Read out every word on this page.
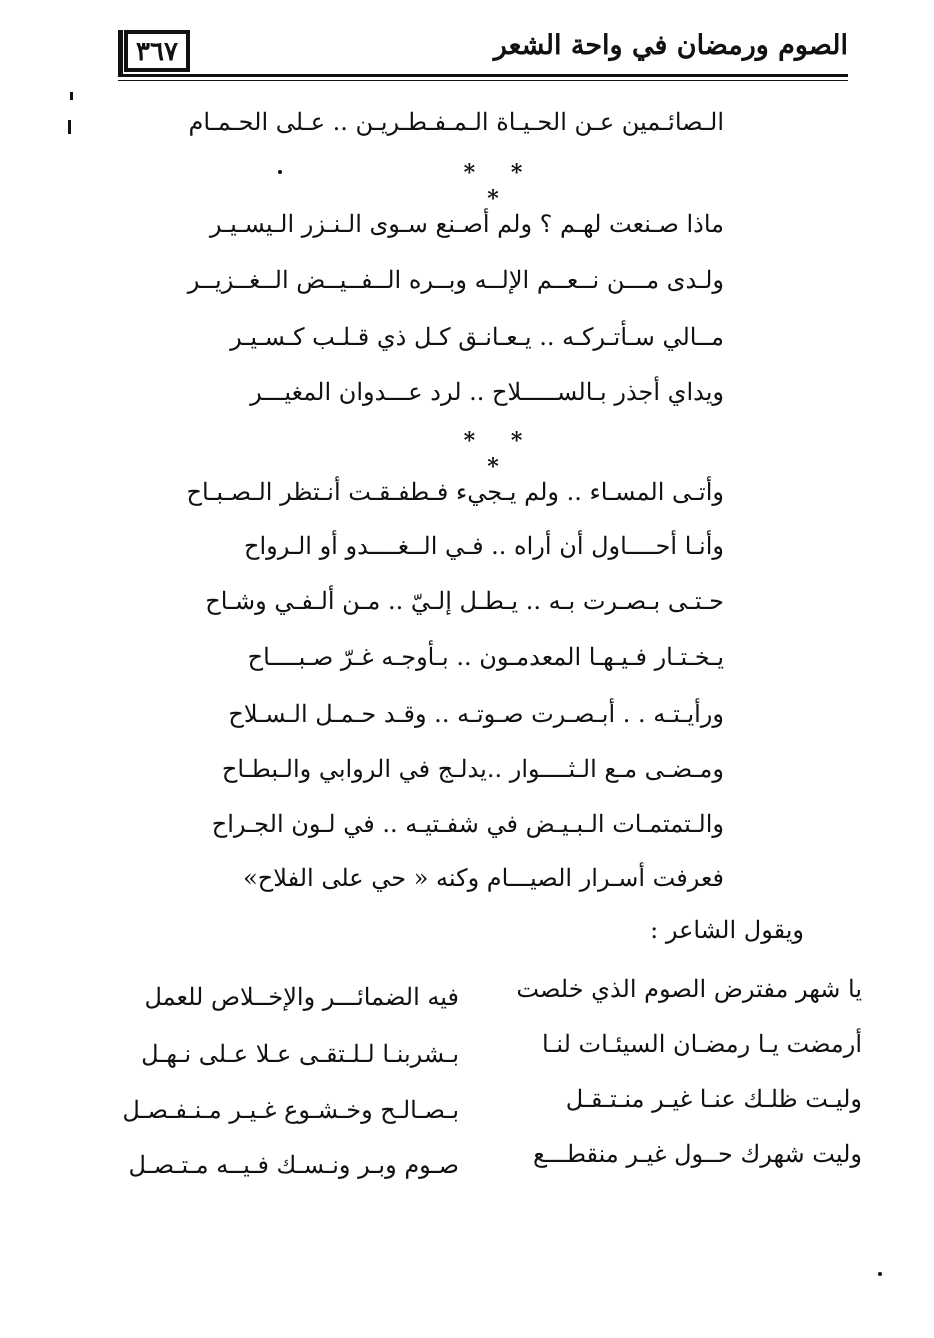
٣٦٧	الصوم ورمضان في واحة الشعر
الـصائـمين عـن الحـيـاة الـمـفـطـريـن .. عـلى الحـمـام
* * *
ماذا صـنعت لهـم ؟ ولم أصـنع سـوى الـنـزر الـيسـيـر
ولـدى مـــن نــعــم الإلــه وبــره الــفــيــض الــغــزيــر
مــالي سـأتـركـه .. يـعـانـق كـل ذي قـلـب كـسـيـر
ويداي أجذر بـالســـــلاح .. لرد عـــدوان المغيـــر
* * *
وأتـى المسـاء .. ولم يـجيء فـطفـقـت أنـتظر الـصـبـاح
وأنـا أحــــاول أن أراه .. فـي الــغــــدو أو الـرواح
حـتـى بـصـرت بـه .. يـطـل إلـيّ .. مـن ألـفـي وشـاح
يـخـتـار فـيـهـا المعدمـون .. بـأوجـه غـرّ صـبــــاح
ورأيـتـه . . أبـصـرت صـوتـه .. وقـد حـمـل الـسـلاح
ومـضـى مـع الـثــــوار ..يدلـج في الروابي والـبطـاح
والـتمتمـات الـبـيـض في شفـتيـه .. في لـون الجـراح
فعرفت أسـرار الصيـــام وكنه « حي على الفلاح»
ويقول الشاعر :
يا شهر مفترض الصوم الذي خلصت
فيه الضمائـــر والإخــلاص للعمل
أرمضت يـا رمضـان السيئـات لنـا
بـشربنـا لـلـتقـى عـلا عـلى نـهـل
وليـت ظلـك عنـا غيـر منـتـقـل
بـصـالـح وخـشـوع غـيـر مـنـفـصـل
وليت شهرك حــول غيـر منقطـــع
صـوم وبـر ونـسـك فـيــه مـتـصـل
